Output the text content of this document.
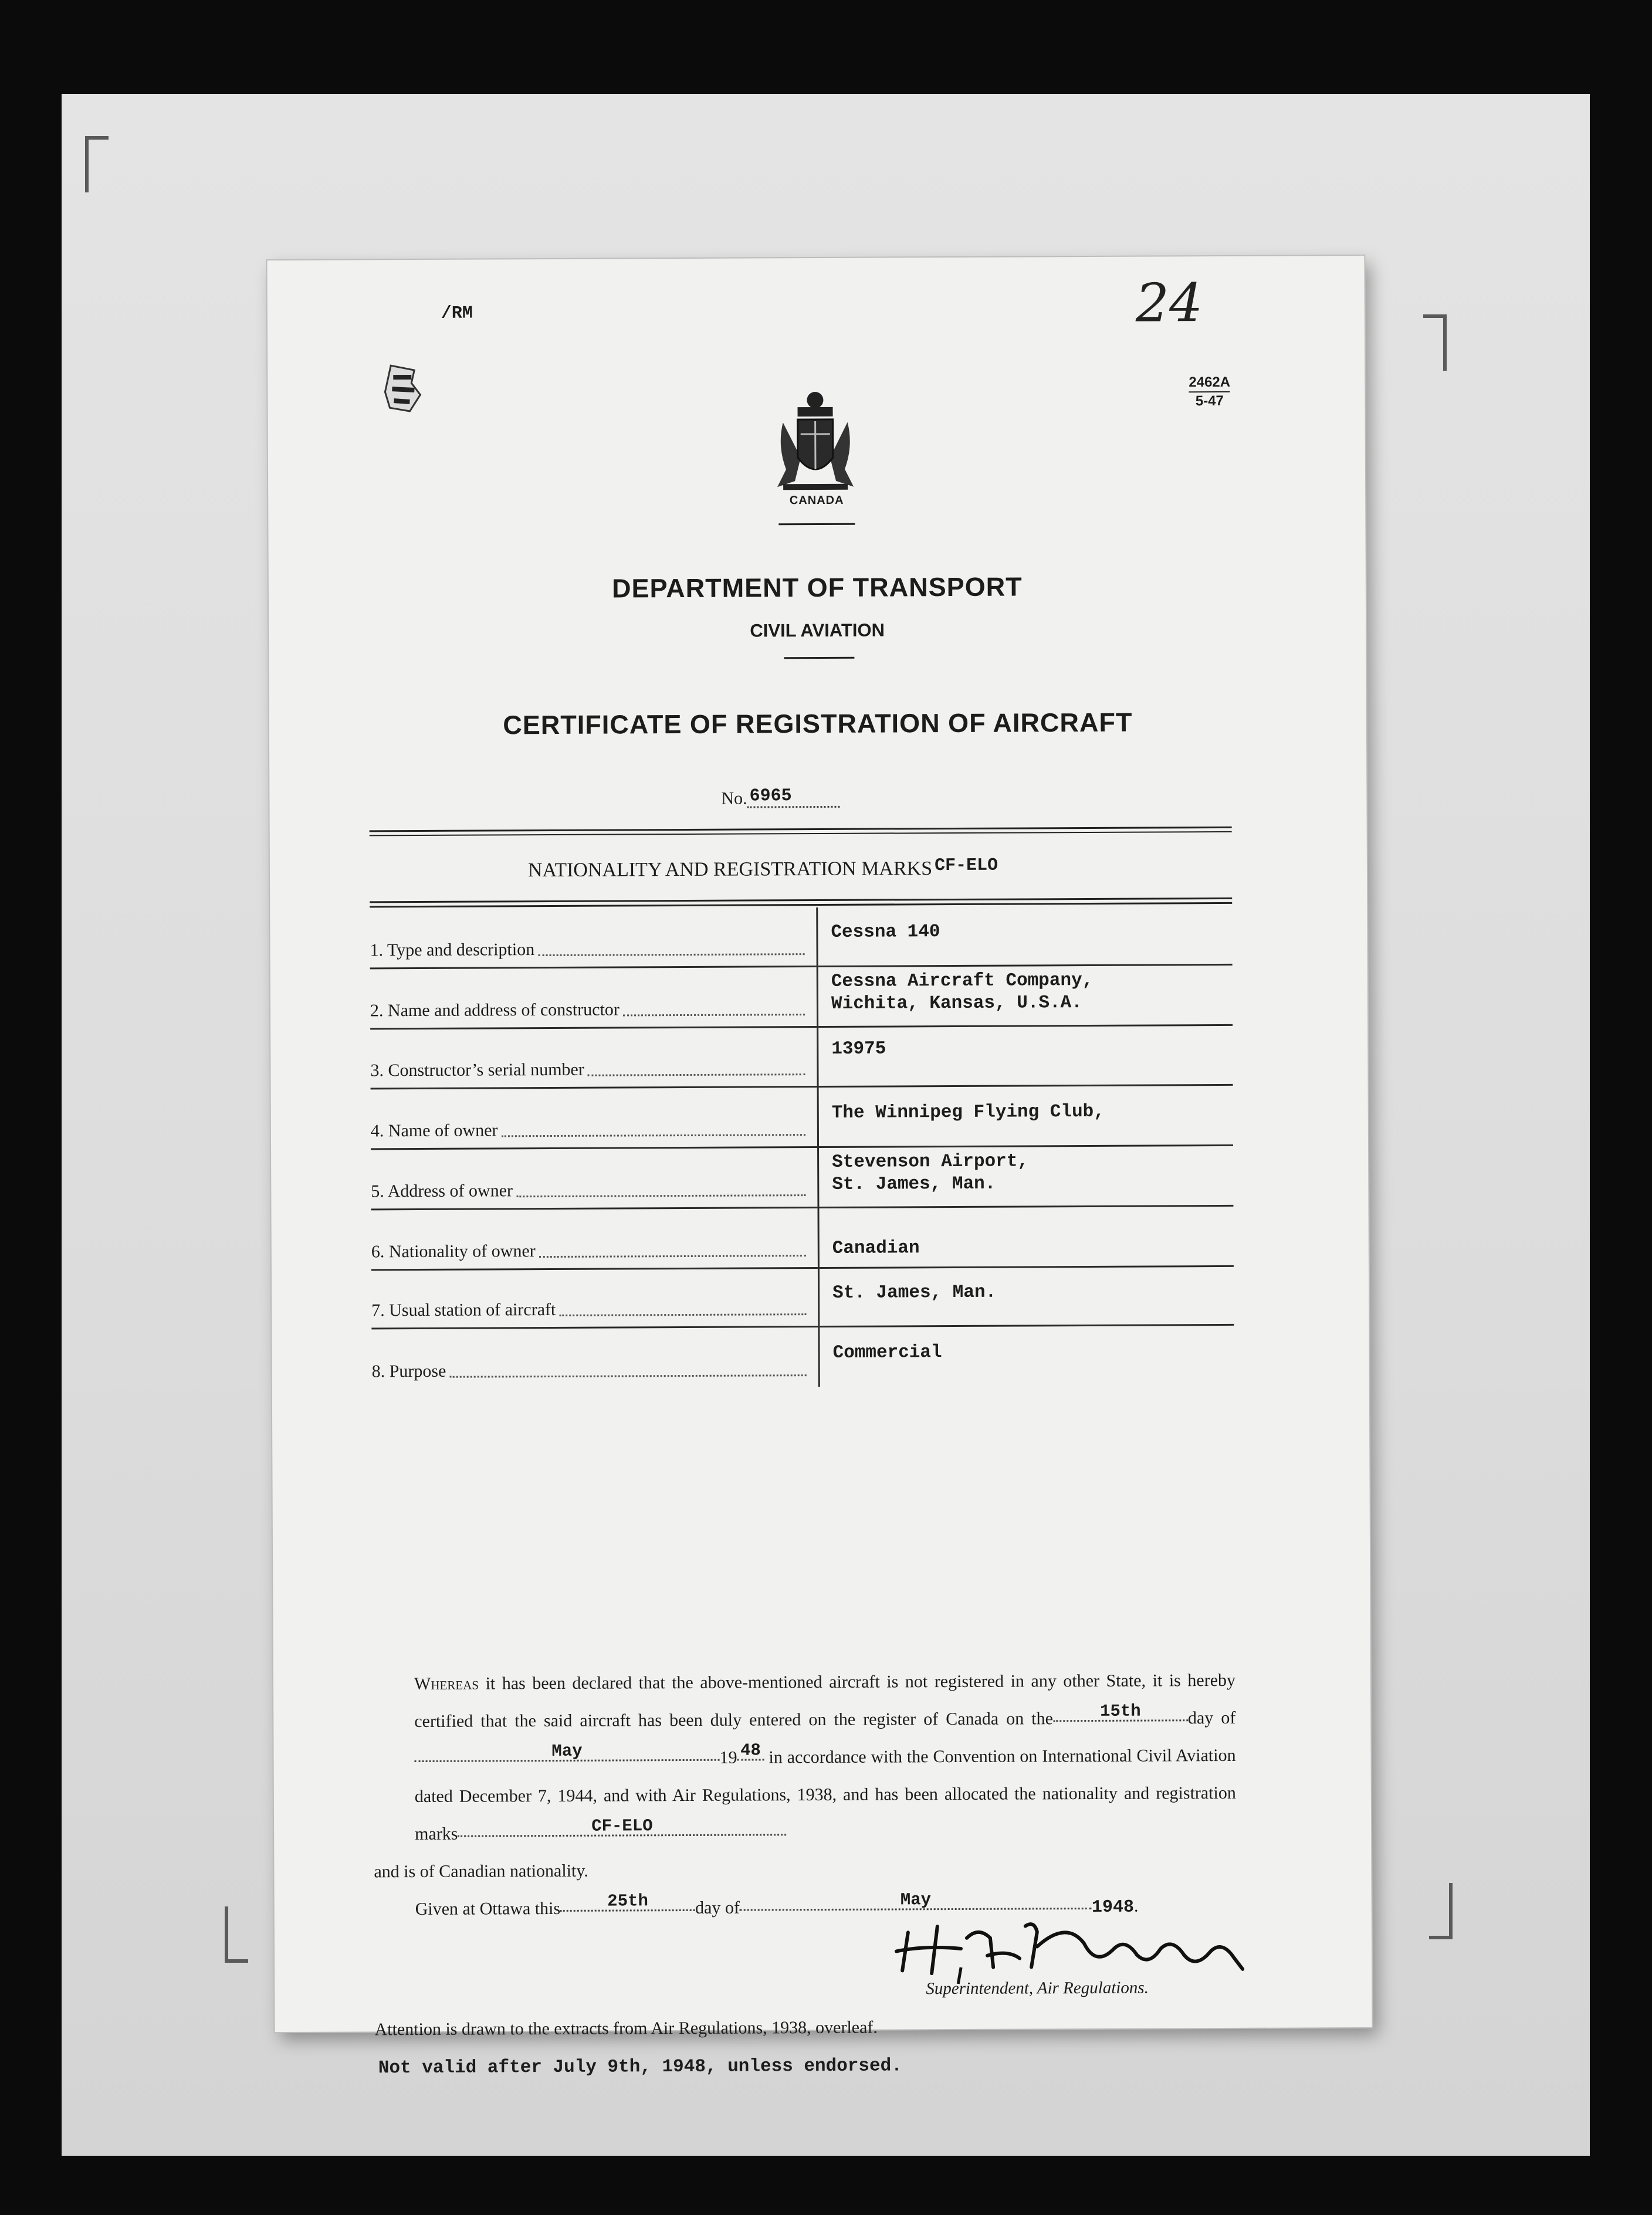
/RM	24
2462A
5-47
CANADA
DEPARTMENT OF TRANSPORT
CIVIL AVIATION
CERTIFICATE OF REGISTRATION OF AIRCRAFT
No. 6965
NATIONALITY AND REGISTRATION MARKS CF-ELO
1. Type and description	Cessna 140

2. Name and address of constructor	Cessna Aircraft Company,
Wichita, Kansas, U.S.A.

3. Constructor’s serial number	13975

4. Name of owner	The Winnipeg Flying Club,

5. Address of owner	Stevenson Airport,
St. James, Man.

6. Nationality of owner	Canadian

7. Usual station of aircraft	St. James, Man.

8. Purpose	Commercial

Whereas it has been declared that the above-mentioned aircraft is not registered in any other State, it is hereby certified that the said aircraft has been duly entered on the register of Canada on the	15th	day ofMay	19 48 in accordance with the Convention on International Civil Aviation dated December 7, 1944, and with Air Regulations, 1938, and has been allocated the nationality and registration marks	CF-ELO

and is of Canadian nationality.

Given at Ottawa this	25th	day of	May	1948.

Superintendent, Air Regulations.
Attention is drawn to the extracts from Air Regulations, 1938, overleaf.
Not valid after July 9th, 1948, unless endorsed.
